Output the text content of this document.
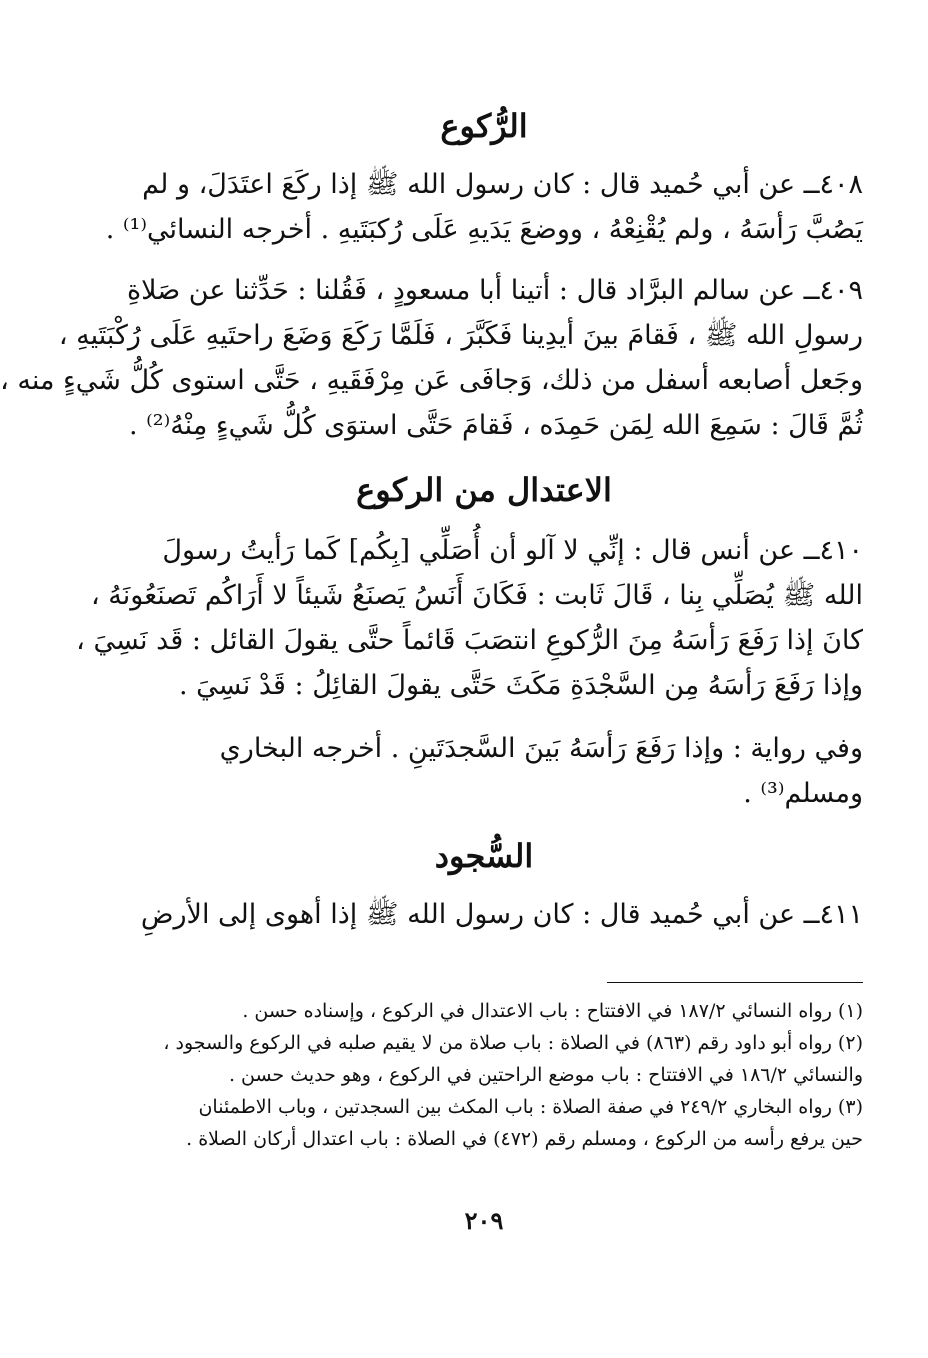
الرُّكوع
٤٠٨ــ عن أبي حُميد قال : كان رسول الله ﷺ إذا ركَعَ اعتَدَلَ، و لم
يَصُبَّ رَأسَهُ ، ولم يُقْنِعْهُ ، ووضعَ يَدَيهِ عَلَى رُكبَتَيهِ . أخرجه النسائي⁽¹⁾ .
٤٠٩ــ عن سالم البرَّاد قال : أتينا أبا مسعودٍ ، فَقُلنا : حَدِّثنا عن صَلاةِ
رسولِ الله ﷺ ، فَقامَ بينَ أيدِينا فَكَبَّرَ ، فَلَمَّا رَكَعَ وَضَعَ راحتَيهِ عَلَى رُكْبَتَيهِ ،
وجَعل أصابعه أسفل من ذلك، وَجافَى عَن مِرْفَقَيهِ ، حَتَّى استوى كُلُّ شَيءٍ منه ،
ثُمَّ قَالَ : سَمِعَ الله لِمَن حَمِدَه ، فَقامَ حَتَّى استوَى كُلُّ شَيءٍ مِنْهُ⁽²⁾ .
الاعتدال من الركوع
٤١٠ــ عن أنس قال : إنِّي لا آلو أن أُصَلِّي [بِكُم] كَما رَأيتُ رسولَ
الله ﷺ يُصَلِّي بِنا ، قَالَ ثَابت : فَكَانَ أَنَسُ يَصنَعُ شَيئاً لا أَرَاكُم تَصنَعُونَهُ ،
كانَ إذا رَفَعَ رَأسَهُ مِنَ الرُّكوعِ انتصَبَ قَائماً حتَّى يقولَ القائل : قَد نَسِيَ ،
وإذا رَفَعَ رَأسَهُ مِن السَّجْدَةِ مَكَثَ حَتَّى يقولَ القائِلُ : قَدْ نَسِيَ .
وفي رواية : وإذا رَفَعَ رَأسَهُ بَينَ السَّجدَتَينِ . أخرجه البخاري
ومسلم⁽³⁾ .
السُّجود
٤١١ــ عن أبي حُميد قال : كان رسول الله ﷺ إذا أهوى إلى الأرضِ
(١) رواه النسائي ١٨٧/٢ في الافتتاح : باب الاعتدال في الركوع ، وإسناده حسن .
(٢) رواه أبو داود رقم (٨٦٣) في الصلاة : باب صلاة من لا يقيم صلبه في الركوع والسجود ،
والنسائي ١٨٦/٢ في الافتتاح : باب موضع الراحتين في الركوع ، وهو حديث حسن .
(٣) رواه البخاري ٢٤٩/٢ في صفة الصلاة : باب المكث بين السجدتين ، وباب الاطمئنان
حين يرفع رأسه من الركوع ، ومسلم رقم (٤٧٢) في الصلاة : باب اعتدال أركان الصلاة .
٢٠٩
